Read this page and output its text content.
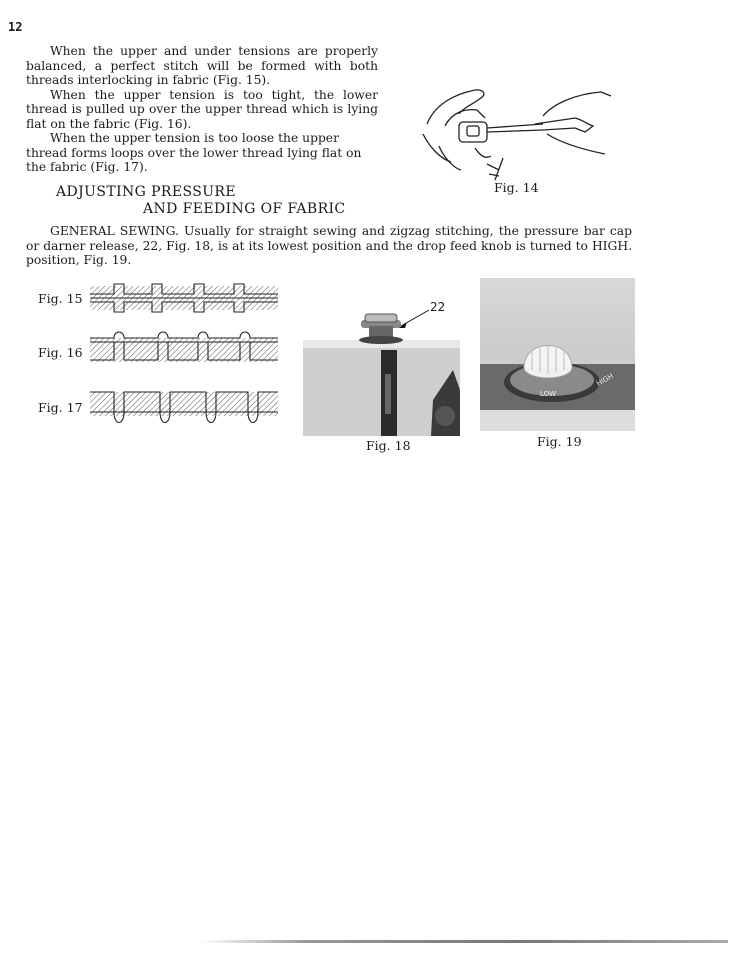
12

When the upper and under tensions are properly balanced, a perfect stitch will be formed with both threads interlocking in fabric (Fig. 15).

When the upper tension is too tight, the lower thread is pulled up over the upper thread which is lying flat on the fabric (Fig. 16).

When the upper tension is too loose the upper thread forms loops over the lower thread lying flat on the fabric (Fig. 17).

Fig. 14
ADJUSTING PRESSURE
AND FEEDING OF FABRIC

GENERAL SEWING. Usually for straight sewing and zigzag stitching, the pressure bar cap or darner release, 22, Fig. 18, is at its lowest position and the drop feed knob is turned to HIGH. position, Fig. 19.

Fig. 15
Fig. 16
Fig. 17
22
Fig. 18
HIGH
LOW
Fig. 19
